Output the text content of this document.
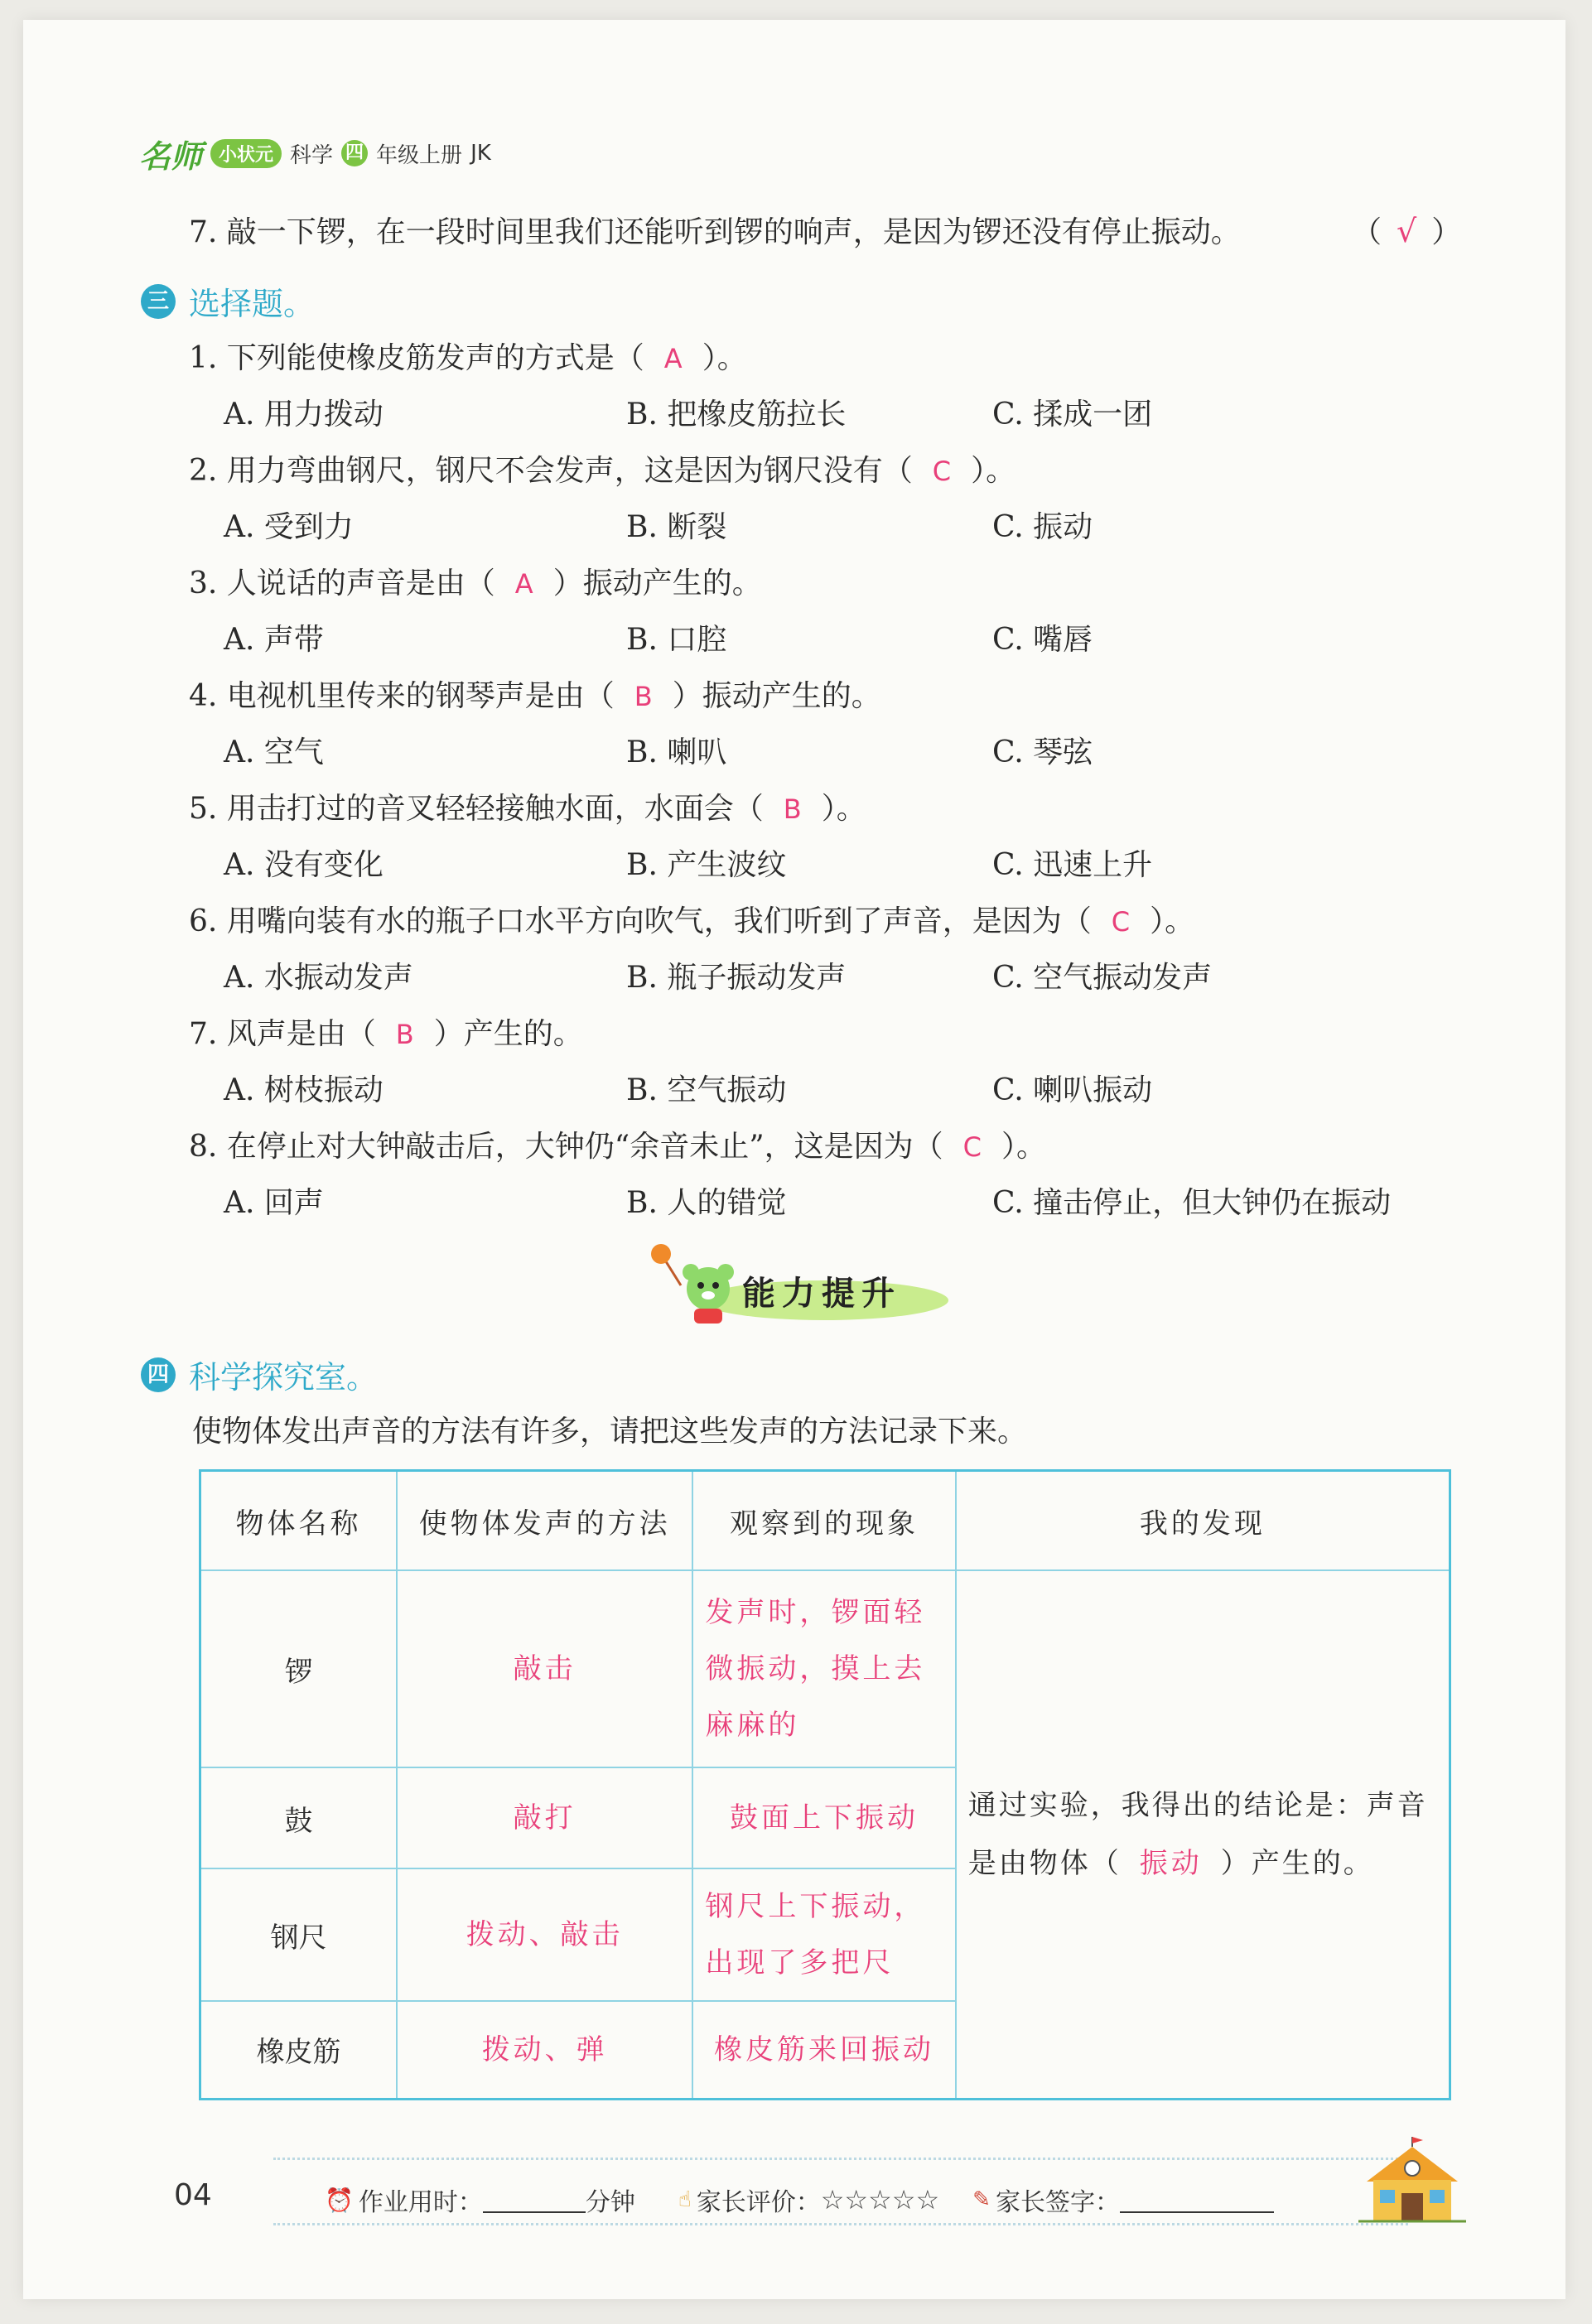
名师 小状元 科学 四 年级上册 JK
7. 敲一下锣，在一段时间里我们还能听到锣的响声，是因为锣还没有停止振动。	（ √ ）
三 选择题。
1. 下列能使橡皮筋发声的方式是（ A ）。
A. 用力拨动	B. 把橡皮筋拉长	C. 揉成一团
2. 用力弯曲钢尺，钢尺不会发声，这是因为钢尺没有（ C ）。
A. 受到力	B. 断裂	C. 振动
3. 人说话的声音是由（ A ）振动产生的。
A. 声带	B. 口腔	C. 嘴唇
4. 电视机里传来的钢琴声是由（ B ）振动产生的。
A. 空气	B. 喇叭	C. 琴弦
5. 用击打过的音叉轻轻接触水面，水面会（ B ）。
A. 没有变化	B. 产生波纹	C. 迅速上升
6. 用嘴向装有水的瓶子口水平方向吹气，我们听到了声音，是因为（ C ）。
A. 水振动发声	B. 瓶子振动发声	C. 空气振动发声
7. 风声是由（ B ）产生的。
A. 树枝振动	B. 空气振动	C. 喇叭振动
8. 在停止对大钟敲击后，大钟仍“余音未止”，这是因为（ C ）。
A. 回声	B. 人的错觉	C. 撞击停止，但大钟仍在振动
能力提升
四 科学探究室。
使物体发出声音的方法有许多，请把这些发声的方法记录下来。
物体名称	使物体发声的方法	观察到的现象	我的发现
锣	敲击	发声时，锣面轻微振动，摸上去麻麻的	通过实验，我得出的结论是：声音是由物体（ 振动 ）产生的。
鼓	敲打	鼓面上下振动	
钢尺	拨动、敲击	钢尺上下振动，出现了多把尺	
橡皮筋	拨动、弹	橡皮筋来回振动	
04	⏰ 作业用时：	分钟 ☝ 家长评价： ☆☆☆☆☆ ✎ 家长签字：
